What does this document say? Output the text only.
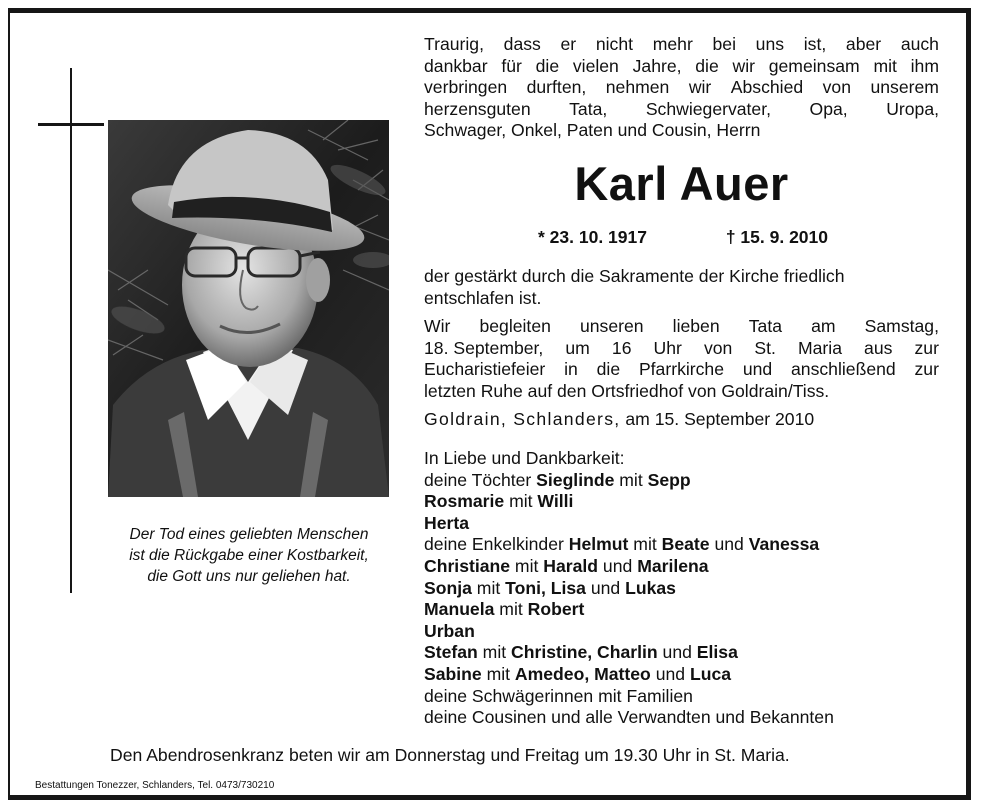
Der Tod eines geliebten Menschen
ist die Rückgabe einer Kostbarkeit,
die Gott uns nur geliehen hat.
Traurig, dass er nicht mehr bei uns ist, aber auch
dankbar für die vielen Jahre, die wir gemeinsam mit ihm
verbringen durften, nehmen wir Abschied von unserem
herzensguten Tata, Schwiegervater, Opa, Uropa,
Schwager, Onkel, Paten und Cousin, Herrn
Karl Auer
* 23. 10. 1917	† 15. 9. 2010
der gestärkt durch die Sakramente der Kirche friedlich
entschlafen ist.
Wir begleiten unseren lieben Tata am Samstag,
18. September, um 16 Uhr von St. Maria aus zur
Eucharistiefeier in die Pfarrkirche und anschließend zur
letzten Ruhe auf den Ortsfriedhof von Goldrain/Tiss.
Goldrain, Schlanders, am 15. September 2010
In Liebe und Dankbarkeit:
deine Töchter Sieglinde mit Sepp
Rosmarie mit Willi
Herta
deine Enkelkinder Helmut mit Beate und Vanessa
Christiane mit Harald und Marilena
Sonja mit Toni, Lisa und Lukas
Manuela mit Robert
Urban
Stefan mit Christine, Charlin und Elisa
Sabine mit Amedeo, Matteo und Luca
deine Schwägerinnen mit Familien
deine Cousinen und alle Verwandten und Bekannten
Den Abendrosenkranz beten wir am Donnerstag und Freitag um 19.30 Uhr in St. Maria.
Bestattungen Tonezzer, Schlanders, Tel. 0473/730210
